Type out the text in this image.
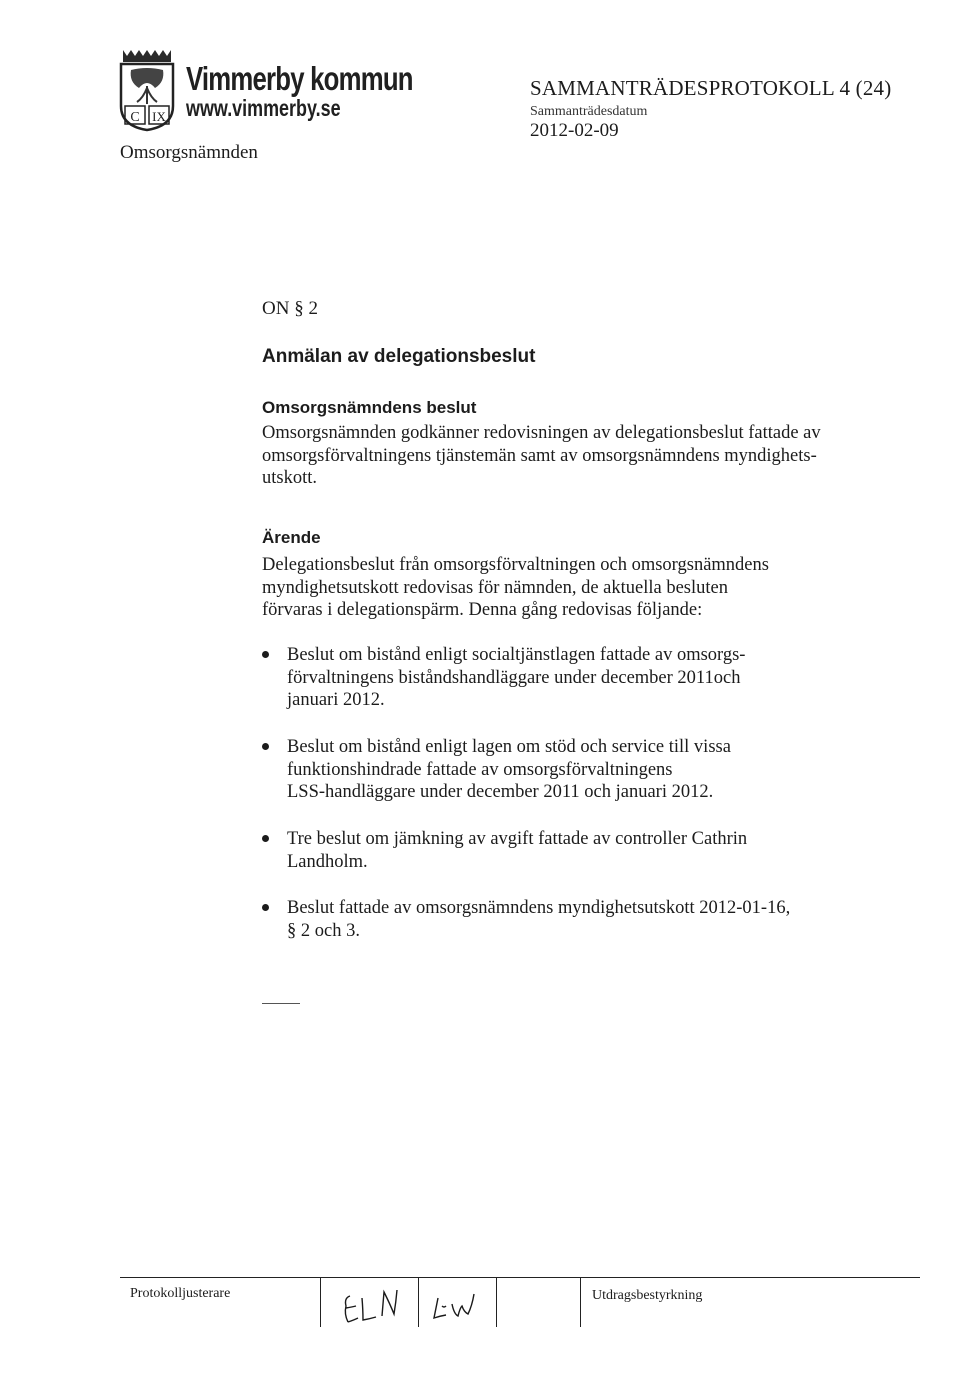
C IX
Vimmerby kommun
www.vimmerby.se
Omsorgsnämnden
SAMMANTRÄDESPROTOKOLL 4 (24)
Sammanträdesdatum
2012-02-09
ON § 2
Anmälan av delegationsbeslut
Omsorgsnämndens beslut
Omsorgsnämnden godkänner redovisningen av delegationsbeslut fattade av
omsorgsförvaltningens tjänstemän samt av omsorgsnämndens myndighets-
utskott.
Ärende
Delegationsbeslut från omsorgsförvaltningen och omsorgsnämndens
myndighetsutskott redovisas för nämnden, de aktuella besluten
förvaras i delegationspärm. Denna gång redovisas följande:
Beslut om bistånd enligt socialtjänstlagen fattade av omsorgs-
förvaltningens biståndshandläggare under december 2011och
januari 2012.
Beslut om bistånd enligt lagen om stöd och service till vissa
funktionshindrade fattade av omsorgsförvaltningens
LSS-handläggare under december 2011 och januari 2012.
Tre beslut om jämkning av avgift fattade av controller Cathrin
Landholm.
Beslut fattade av omsorgsnämndens myndighetsutskott 2012-01-16,
§ 2 och 3.
Protokolljusterare	Utdragsbestyrkning
